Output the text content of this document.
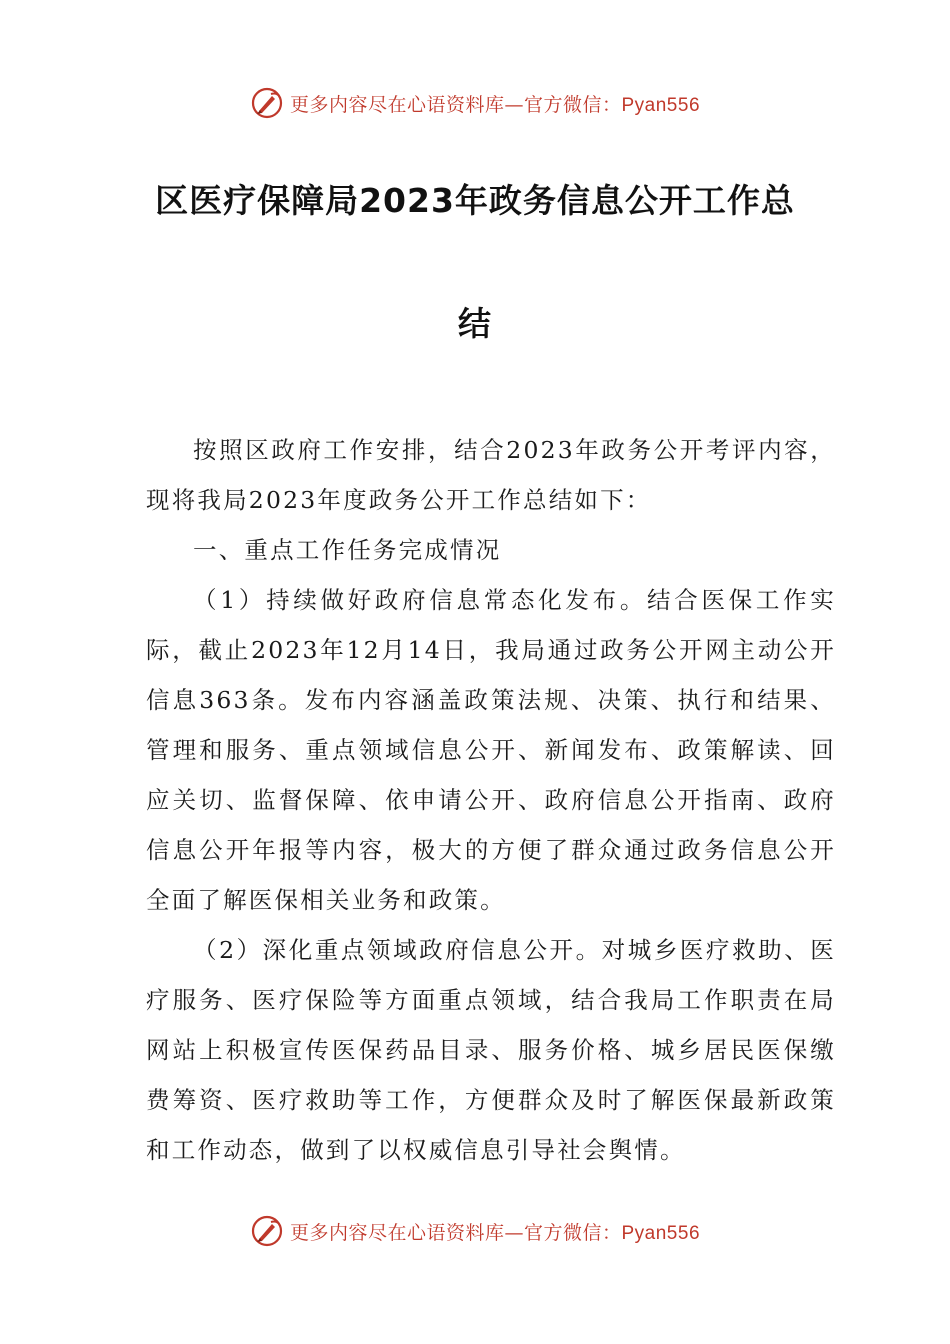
更多内容尽在心语资料库—官方微信：Pyan556
区医疗保障局2023年政务信息公开工作总
结

按照区政府工作安排，结合2023年政务公开考评内容，现将我局2023年度政务公开工作总结如下：

一、重点工作任务完成情况

（1）持续做好政府信息常态化发布。结合医保工作实际，截止2023年12月14日，我局通过政务公开网主动公开信息363条。发布内容涵盖政策法规、决策、执行和结果、管理和服务、重点领域信息公开、新闻发布、政策解读、回应关切、监督保障、依申请公开、政府信息公开指南、政府信息公开年报等内容，极大的方便了群众通过政务信息公开全面了解医保相关业务和政策。

（2）深化重点领域政府信息公开。对城乡医疗救助、医疗服务、医疗保险等方面重点领域，结合我局工作职责在局网站上积极宣传医保药品目录、服务价格、城乡居民医保缴费筹资、医疗救助等工作，方便群众及时了解医保最新政策和工作动态，做到了以权威信息引导社会舆情。

更多内容尽在心语资料库—官方微信：Pyan556
